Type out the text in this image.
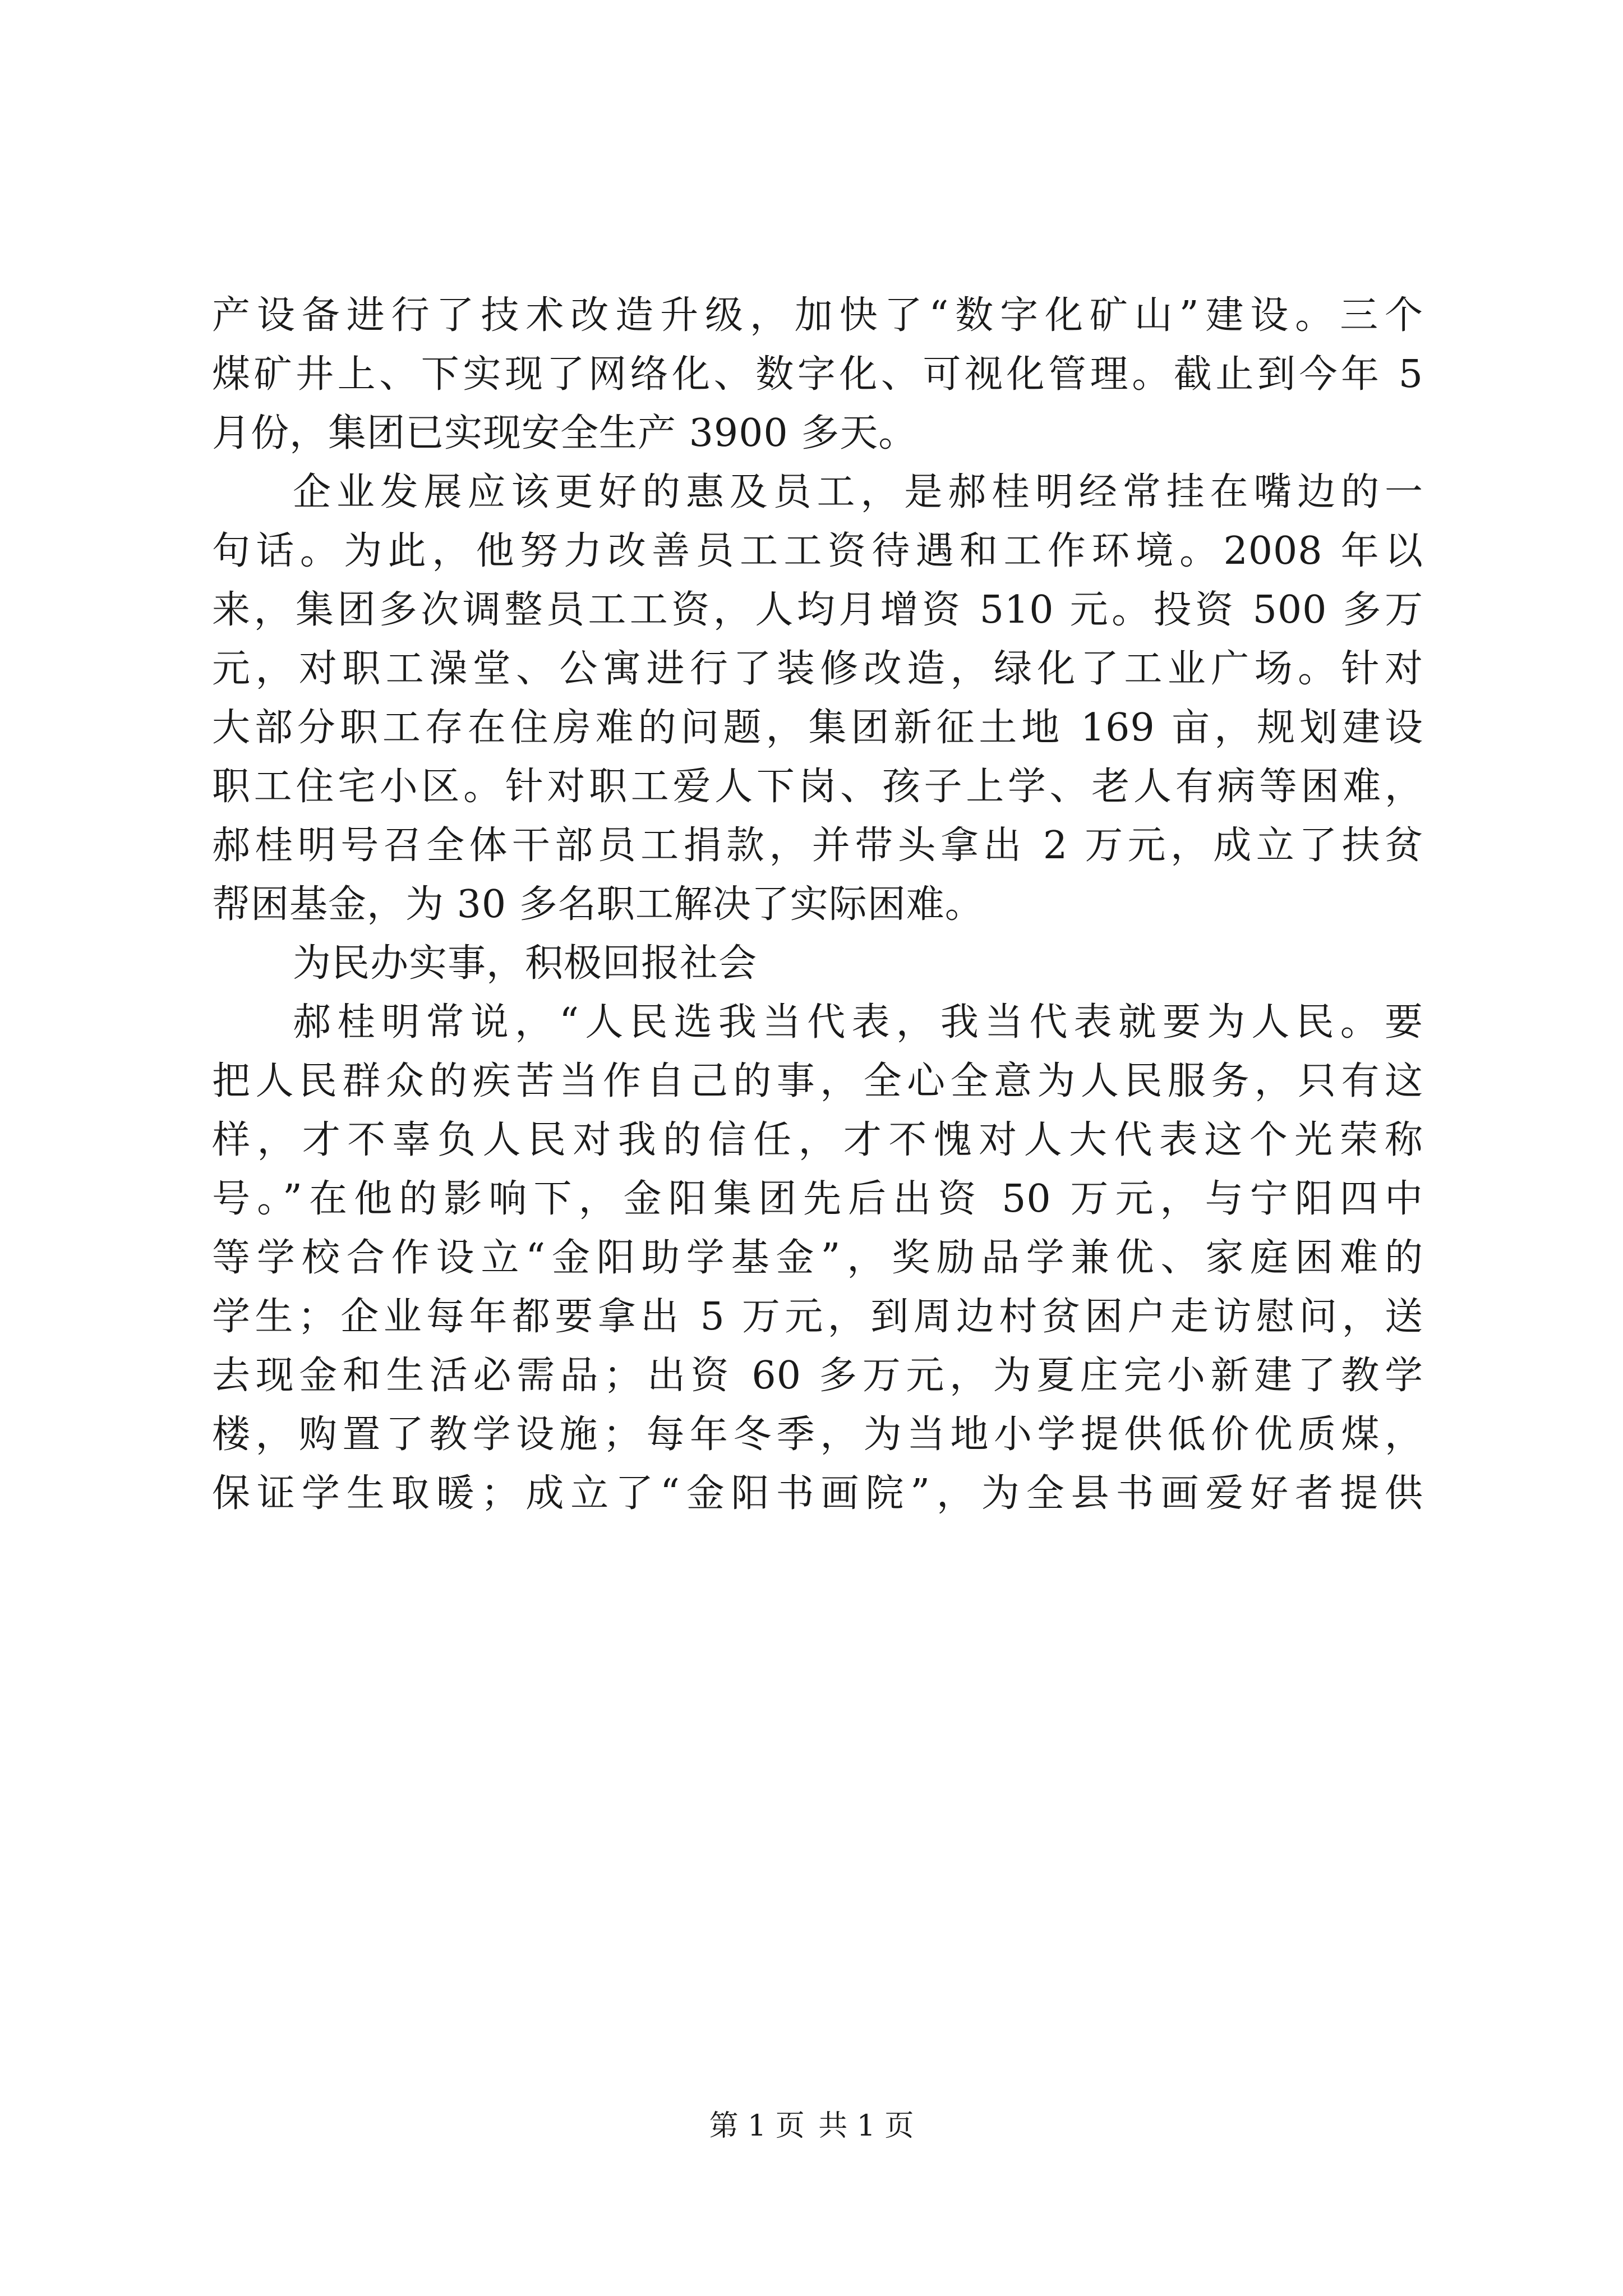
产设备进行了技术改造升级，加快了“数字化矿山”建设。三个
煤矿井上、下实现了网络化、数字化、可视化管理。截止到今年 5
月份，集团已实现安全生产 3900 多天。
企业发展应该更好的惠及员工，是郝桂明经常挂在嘴边的一
句话。为此，他努力改善员工工资待遇和工作环境。2008 年以
来，集团多次调整员工工资，人均月增资 510 元。投资 500 多万
元，对职工澡堂、公寓进行了装修改造，绿化了工业广场。针对
大部分职工存在住房难的问题，集团新征土地 169 亩，规划建设
职工住宅小区。针对职工爱人下岗、孩子上学、老人有病等困难，
郝桂明号召全体干部员工捐款，并带头拿出 2 万元，成立了扶贫
帮困基金，为 30 多名职工解决了实际困难。
为民办实事，积极回报社会
郝桂明常说，“人民选我当代表，我当代表就要为人民。要
把人民群众的疾苦当作自己的事，全心全意为人民服务，只有这
样，才不辜负人民对我的信任，才不愧对人大代表这个光荣称
号。”在他的影响下，金阳集团先后出资 50 万元，与宁阳四中
等学校合作设立“金阳助学基金”，奖励品学兼优、家庭困难的
学生；企业每年都要拿出 5 万元，到周边村贫困户走访慰问，送
去现金和生活必需品；出资 60 多万元，为夏庄完小新建了教学
楼，购置了教学设施；每年冬季，为当地小学提供低价优质煤，
保证学生取暖；成立了“金阳书画院”，为全县书画爱好者提供
第 1 页 共 1 页
